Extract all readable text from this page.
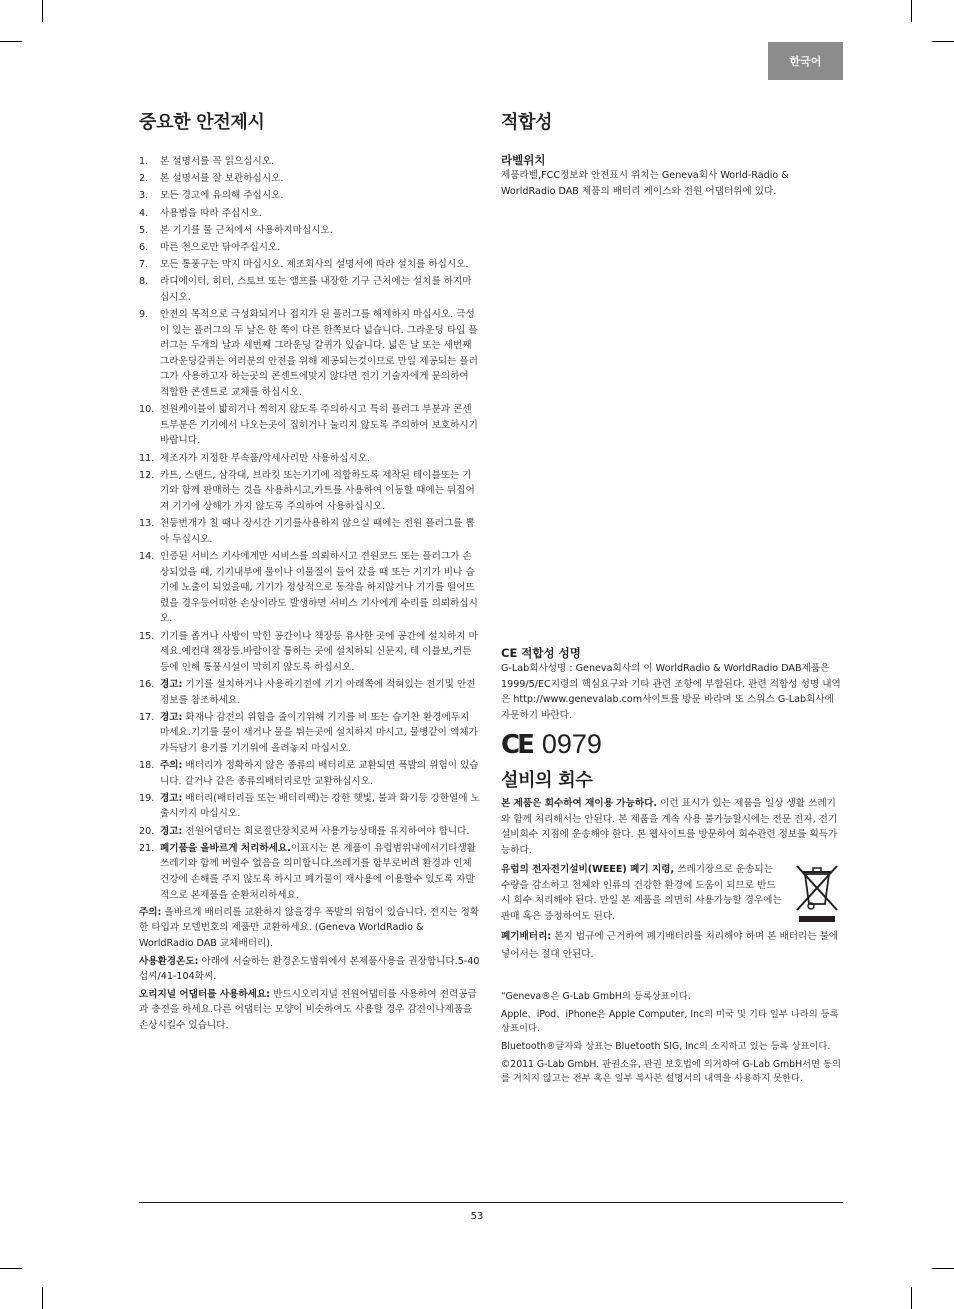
한국어
중요한 안전제시
1. 본 설명서를 꼭 읽으십시오.
2. 본 설명서를 잘 보관하십시오.
3. 모든 경고에 유의해 주십시오.
4. 사용법을 따라 주십시오.
5. 본 기기를 물 근처에서 사용하지마십시오.
6. 마른 천으로만 닦아주십시오.
7. 모든 통풍구는 막지 마십시오. 제조회사의 설명서에 따라 설치를 하십시오.
8. 라디에이터, 히터, 스토브 또는 앰프를 내장한 기구 근처에는 설치를 하지마십시오.
9. 안전의 목적으로 극성화되거나 접지가 된 플러그를 해제하지 마십시오. 극성이 있는 플러그의 두 날은 한 쪽이 다른 한쪽보다 넓습니다. 그라운딩 타입 플러그는 두개의 날과 세번째 그라운딩 갈퀴가 있습니다. 넓은 날 또는 세번째 그라운딩갈퀴는 여러분의 안전을 위해 제공되는것이므로 만일 제공되는 플러그가 사용하고자 하는곳의 콘센트에맞지 않다면 전기 기술자에게 문의하여 적합한 콘센트로 교체를 하십시오.
10. 전원케이블이 밟히거나 찍히지 않도록 주의하시고 특히 플러그 부분과 콘센트부분은 기기에서 나오는곳이 집히거나 눌리지 않도록 주의하여 보호하시기 바랍니다.
11. 제조자가 지정한 부속품/악세사리만 사용하십시오.
12. 카트, 스탠드, 삼각대, 브라킷 또는기기에 적합하도록 제작된 테이블또는 기기와 함께 판매하는 것을 사용하시고,카트를 사용하여 이동할 때에는 뒤집어져 기기에 상해가 가지 않도록 주의하여 사용하십시오.
13. 천둥번개가 칠 때나 장시간 기기를사용하지 않으실 때에는 전원 플러그를 뽑아 두십시오.
14. 인증된 서비스 기사에게만 서비스를 의뢰하시고 전원코드 또는 플러그가 손상되었을 때, 기기내부에 물이나 이물질이 들어 갔을 때 또는 기기가 비나 습기에 노출이 되었을때, 기기가 정상적으로 동작을 하지않거나 기기를 떨어뜨렸을 경우등어떠한 손상이라도 발생하면 서비스 기사에게 수리를 의뢰하십시오.
15. 기기를 좁거나 사방이 막힌 공간이나 책장등 유사한 곳에 공간에 설치하지 마세요.예컨대 책장등.바람이잘 통하는 곳에 설치하되 신문지, 테 이블보,커튼 등에 인해 통풍시설이 막히지 않도록 하십시오.
16. 경고: 기기를 설치하거나 사용하기전에 기기 아래쪽에 적혀있는 전기및 안전정보를 참조하세요.
17. 경고: 화재나 감전의 위험을 줄이기위해 기기를 비 또는 습기찬 환경에두지 마세요.기기를 물이 새거나 물을 튀는곳에 설치하지 마시고, 물병같이 액체가 가득담기 용기를 기기위에 올려놓지 마십시오.
18. 주의: 배터리가 정확하지 않은 종류의 배터리로 교환되면 폭발의 위험이 있습니다. 같거나 같은 종류의배터리로만 교환하십시오.
19. 경고: 배터리(배터리들 또는 배터리팩)는 강한 햇빛, 불과 화기등 강한열에 노출시키지 마십시오.
20. 경고: 전원어댑터는 회로절단장치로써 사용가능상태를 유지하여야 합니다.
21. 폐기품을 올바르게 처리하세요.이표시는 본 제품이 유럽범위내에서기타생활쓰레기와 함께 버릴수 없음을 의미합니다.쓰레기를 함부로버려 환경과 인체건강에 손해를 주지 않도록 하시고 폐기물이 재사용에 이용할수 있도록 자발적으로 본제품을 순환처리하세요.

주의: 올바르게 배터리를 교환하지 않을경우 폭발의 위험이 있습니다. 전지는 정확한 타입과 모델번호의 제품만 교환하세요. (Geneva WorldRadio & WorldRadio DAB 교체배터리).

사용환경온도: 아래에 서술하는 환경온도범위에서 본제품사용을 권장합니다.5-40섭씨/41-104화씨.

오리지널 어댑터를 사용하세요: 반드시오리지널 전원어댑터를 사용하여 전력공급과 충전을 하세요.다른 어댑터는 모양이 비슷하여도 사용할 경우 감전이나제품을 손상시킬수 있습니다.

적합성
라벨위치

제품라벨,FCC정보와 안전표시 위치는 Geneva회사 World-Radio & WorldRadio DAB 제품의 배터리 케이스와 전원 어댑터위에 있다.

CE 적합성 성명

G-Lab회사성명 : Geneva회사의 이 WorldRadio & WorldRadio DAB제품은 1999/5/EC지령의 핵심요구와 기타 관련 조항에 부합된다. 관련 적합성 성명 내역은 http://www.genevalab.com사이트를 방문 바라며 또 스위스 G-Lab회사에 자문하기 바란다.

CE 0979
설비의 회수

본 제품은 회수하여 재이용 가능하다. 이런 표시가 있는 제품을 일상 생활 쓰레기와 함께 처리해서는 안된다. 본 제품을 계속 사용 불가능할시에는 전문 전자, 전기설비회수 지점에 운송해야 한다. 본 웹사이트를 방문하여 회수관련 정보를 획득가능하다.

유럽의 전자전기설비(WEEE) 폐기 지령, 쓰레기장으로 운송되는 수량을 감소하고 천체와 인류의 건강한 환경에 도움이 되므로 반드시 회수 처리해야 된다. 만일 본 제품을 의면히 사용가능할 경우에는 판매 혹은 증정하여도 된다.

폐기배터리: 본지 법규에 근거하여 폐기배터리를 처리해야 하며 본 배터리는 불에 넣어서는 절대 안된다.

“Geneva®은 G-Lab GmbH의 등록상표이다.

Apple、iPod、iPhone은 Apple Computer, Inc의 미국 및 기타 일부 나라의 등록 상표이다.

Bluetooth®글자와 상표는 Bluetooth SIG, Inc의 소지하고 있는 등록 상표이다.

©2011 G-Lab GmbH. 판권소유, 판권 보호법에 의거하여 G-Lab GmbH서면 동의를 거치지 않고는 전부 혹은 일부 복사본 설명서의 내역을 사용하지 못한다.

53
